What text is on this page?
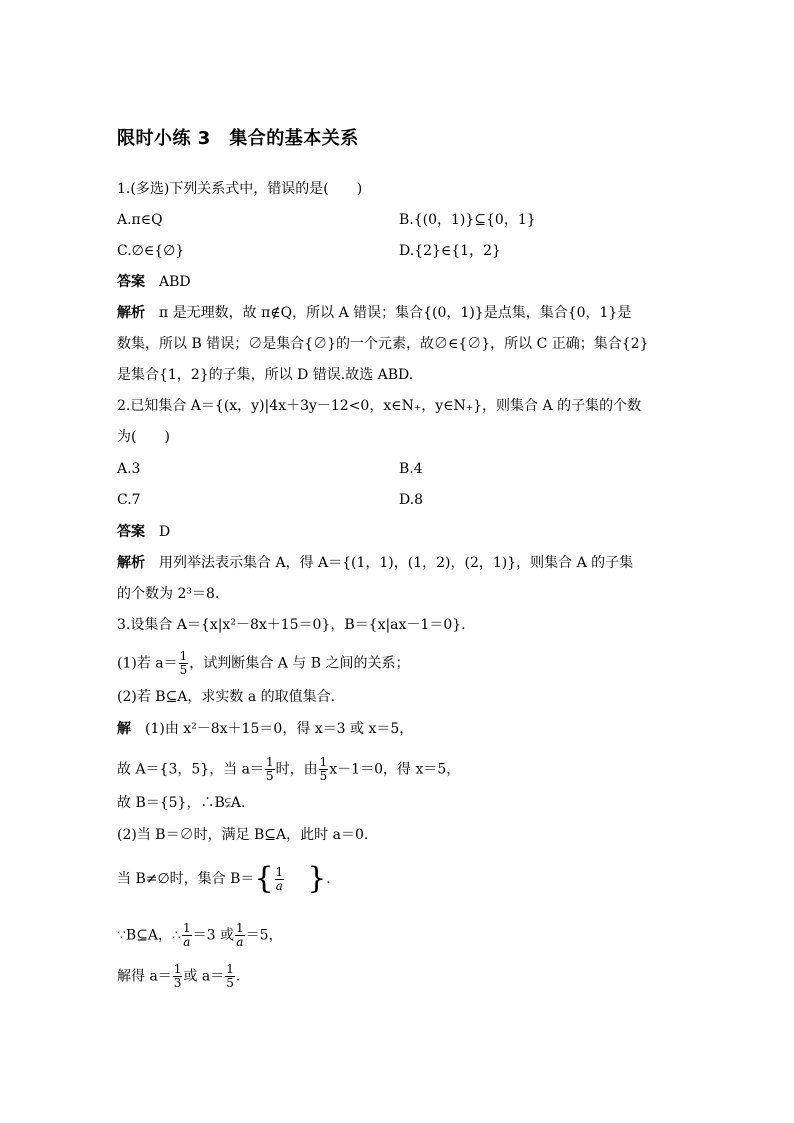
限时小练 3　集合的基本关系
1.(多选)下列关系式中，错误的是(　　)
A.π∈Q	B.{(0，1)}⊆{0，1}
C.∅∈{∅}	D.{2}∈{1，2}
答案 ABD
解析 π 是无理数，故 π∉Q，所以 A 错误；集合{(0，1)}是点集，集合{0，1}是
数集，所以 B 错误；∅是集合{∅}的一个元素，故∅∈{∅}，所以 C 正确；集合{2}
是集合{1，2}的子集，所以 D 错误.故选 ABD.
2.已知集合 A＝{(x，y)|4x＋3y－12<0，x∈N₊，y∈N₊}，则集合 A 的子集的个数
为(　　)
A.3	B.4
C.7	D.8
答案 D
解析 用列举法表示集合 A，得 A＝{(1，1)，(1，2)，(2，1)}，则集合 A 的子集
的个数为 2³＝8.
3.设集合 A＝{x|x²－8x＋15＝0}，B＝{x|ax－1＝0}.
(1)若 $a= \frac{1}{5}$ ，试判断集合 A 与 B 之间的关系；
(2)若 B⊆A，求实数 a 的取值集合.
解 (1)由 x²－8x＋15＝0，得 x＝3 或 x＝5，
故 A＝{3，5}，当 $a= \frac{1}{5}$ 时，由 $\frac{1}{5} x-1=0$，得 x＝5，
故 B＝{5}，∴B⫋A.
(2)当 B＝∅时，满足 B⊆A，此时 a＝0.
当 B≠∅时，集合 $B=\{ \frac{1}{a}$ }.
∵B⊆A，∴ $\frac{1}{a} =3$ 或 $\frac{1}{a} =5$，
解得 $a= \frac{1}{3}$ 或 $a= \frac{1}{5}$ .
